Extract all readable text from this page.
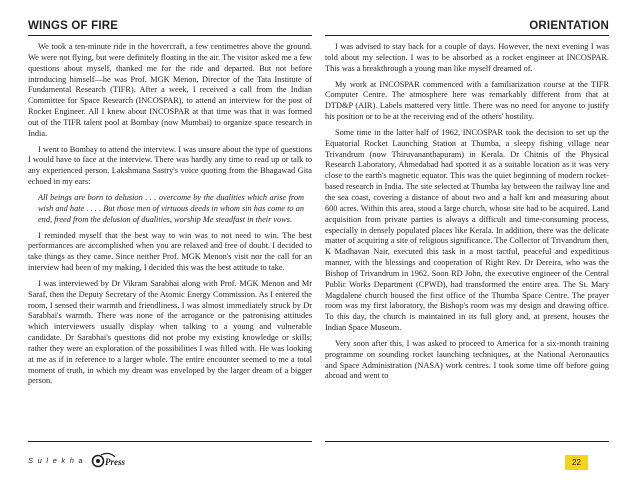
WINGS OF FIRE	ORIENTATION

We took a ten-minute ride in the hovercraft, a few centimetres above the ground. We were not flying, but were definitely floating in the air. The visitor asked me a few questions about myself, thanked me for the ride and departed. But not before introducing himself—he was Prof. MGK Menon, Director of the Tata Institute of Fundamental Research (TIFR). After a week, I received a call from the Indian Committee for Space Research (INCOSPAR), to attend an interview for the post of Rocket Engineer. All I knew about INCOSPAR at that time was that it was formed out of the TIFR talent pool at Bombay (now Mumbai) to organize space research in India.

I went to Bombay to attend the interview. I was unsure about the type of questions I would have to face at the interview. There was hardly any time to read up or talk to any experienced person. Lakshmana Sastry's voice quoting from the Bhagawad Gita echoed in my ears:

All beings are born to delusion . . . overcome by the dualities which arise from wish and hate . . . . But those men of virtuous deeds in whom sin has come to an end, freed from the delusion of dualities, worship Me steadfast in their vows.

I reminded myself that the best way to win was to not need to win. The best performances are accomplished when you are relaxed and free of doubt. I decided to take things as they came. Since neither Prof. MGK Menon's visit nor the call for an interview had been of my making, I decided this was the best attitude to take.

I was interviewed by Dr Vikram Sarabhai along with Prof. MGK Menon and Mr Saraf, then the Deputy Secretary of the Atomic Energy Commission. As I entered the room, I sensed their warmth and friendliness. I was almost immediately struck by Dr Sarabhai's warmth. There was none of the arrogance or the patronising attitudes which interviewers usually display when talking to a young and vulnerable candidate. Dr Sarabhai's questions did not probe my existing knowledge or skills; rather they were an exploration of the possibilities I was filled with. He was looking at me as if in reference to a larger whole. The entire encounter seemed to me a total moment of truth, in which my dream was enveloped by the larger dream of a bigger person.

I was advised to stay back for a couple of days. However, the next evening I was told about my selection. I was to be absorbed as a rocket engineer at INCOSPAR. This was a breakthrough a young man like myself dreamed of.

My work at INCOSPAR commenced with a familiarization course at the TIFR Computer Centre. The atmosphere here was remarkably different from that at DTD&P (AIR). Labels mattered very little. There was no need for anyone to justify his position or to be at the receiving end of the others' hostility.

Some time in the latter half of 1962, INCOSPAR took the decision to set up the Equatorial Rocket Launching Station at Thumba, a sleepy fishing village near Trivandrum (now Thiruvananthapuram) in Kerala. Dr Chitnis of the Physical Research Laboratory, Ahmedabad had spotted it as a suitable location as it was very close to the earth's magnetic equator. This was the quiet beginning of modern rocket-based research in India. The site selected at Thumba lay between the railway line and the sea coast, covering a distance of about two and a half km and measuring about 600 acres. Within this area, stood a large church, whose site had to be acquired. Land acquisition from private parties is always a difficult and time-consuming process, especially in densely populated places like Kerala. In addition, there was the delicate matter of acquiring a site of religious significance. The Collector of Trivandrum then, K Madhavan Nair, executed this task in a most tactful, peaceful and expeditious manner, with the blessings and cooperation of Right Rev. Dr Dereira, who was the Bishop of Trivandrum in 1962. Soon RD John, the executive engineer of the Central Public Works Department (CPWD), had transformed the entire area. The St. Mary Magdalene church housed the first office of the Thumba Space Centre. The prayer room was my first laboratory, the Bishop's room was my design and drawing office. To this day, the church is maintained in its full glory and, at present, houses the Indian Space Museum.

Very soon after this, I was asked to proceed to America for a six-month training programme on sounding rocket launching techniques, at the National Aeronautics and Space Administration (NASA) work centres. I took some time off before going abroad and went to

Sulekha Press	22
